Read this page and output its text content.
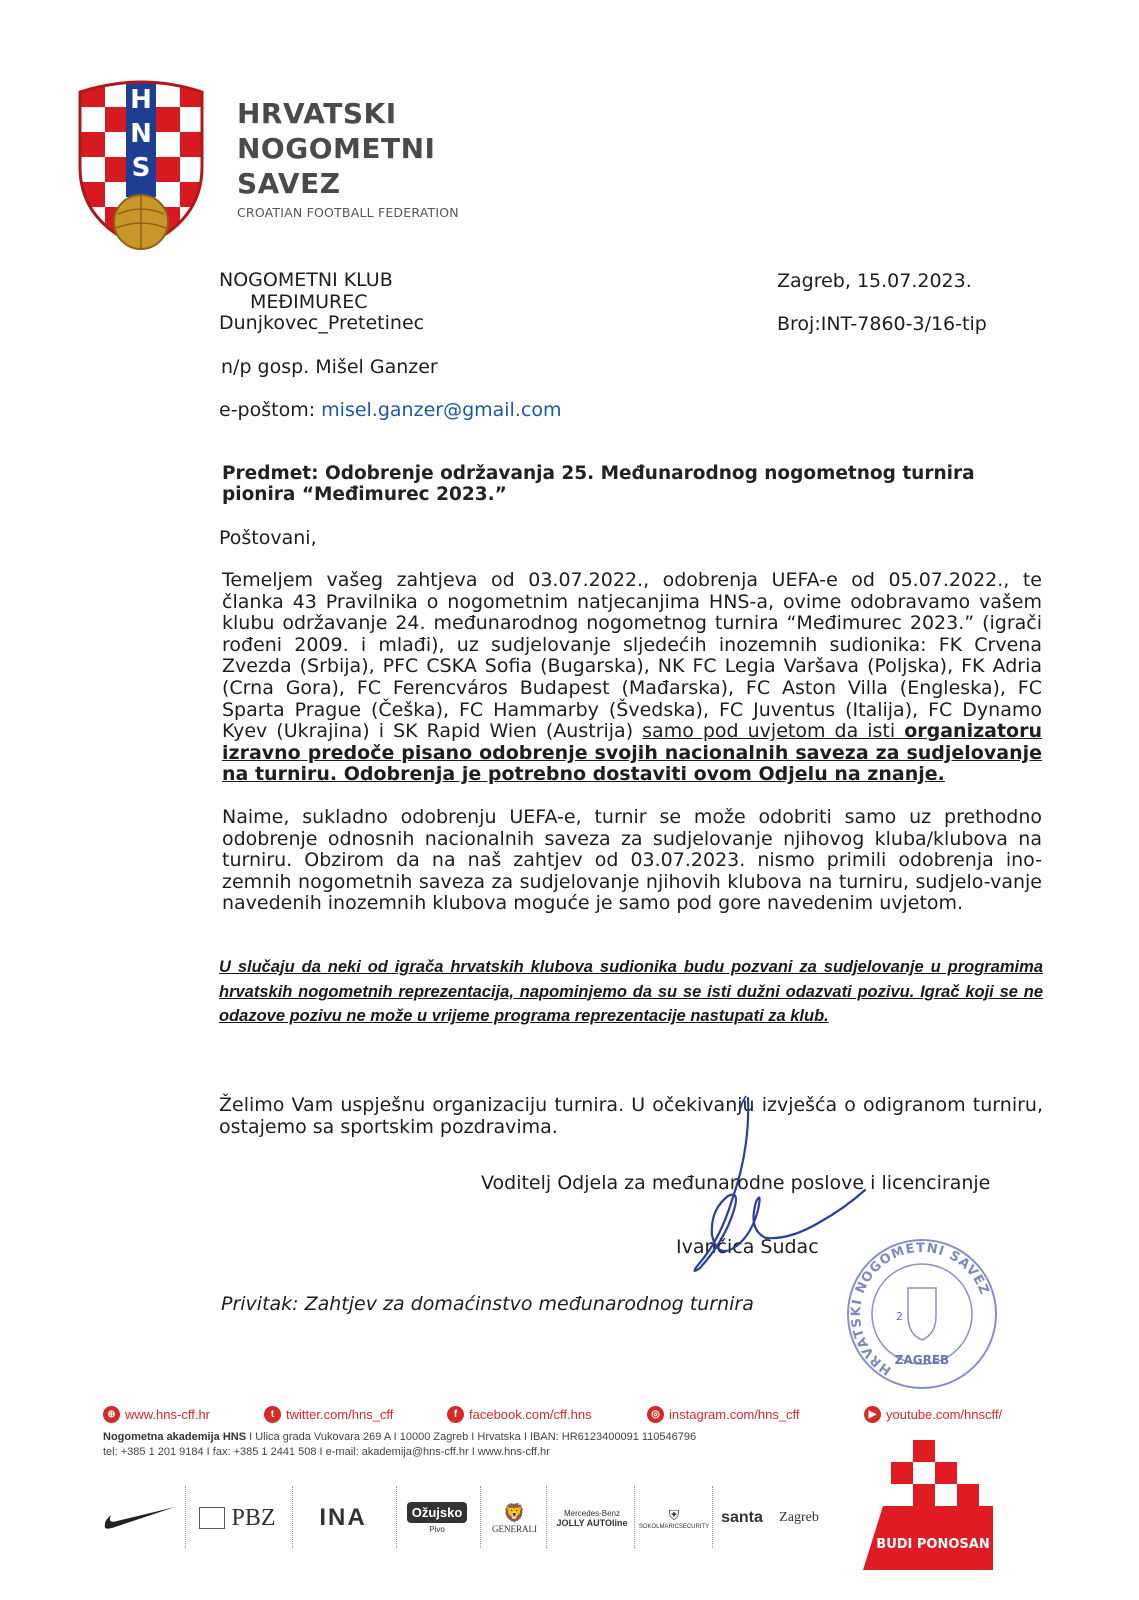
H
N
S
HRVATSKI
NOGOMETNI
SAVEZ
CROATIAN FOOTBALL FEDERATION
NOGOMETNI KLUB
MEĐIMUREC
Dunjkovec_Pretetinec
Zagreb, 15.07.2023.
Broj:INT-7860-3/16-tip
n/p gosp. Mišel Ganzer
e-poštom: misel.ganzer@gmail.com
Predmet: Odobrenje održavanja 25. Međunarodnog nogometnog turnira pionira “Međimurec 2023.”
Poštovani,
Temeljem vašeg zahtjeva od 03.07.2022., odobrenja UEFA-e od 05.07.2022., te članka 43 Pravilnika o nogometnim natjecanjima HNS-a, ovime odobravamo vašem klubu održavanje 24. međunarodnog nogometnog turnira “Međimurec 2023.” (igrači rođeni 2009. i mlađi), uz sudjelovanje sljedećih inozemnih sudionika: FK Crvena Zvezda (Srbija), PFC CSKA Sofia (Bugarska), NK FC Legia Varšava (Poljska), FK Adria (Crna Gora), FC Ferencváros Budapest (Mađarska), FC Aston Villa (Engleska), FC Sparta Prague (Češka), FC Hammarby (Švedska), FC Juventus (Italija), FC Dynamo Kyev (Ukrajina) i SK Rapid Wien (Austrija) samo pod uvjetom da isti organizatoru izravno predoče pisano odobrenje svojih nacionalnih saveza za sudjelovanje na turniru. Odobrenja je potrebno dostaviti ovom Odjelu na znanje.
Naime, sukladno odobrenju UEFA-e, turnir se može odobriti samo uz prethodno odobrenje odnosnih nacionalnih saveza za sudjelovanje njihovog kluba/klubova na turniru. Obzirom da na naš zahtjev od 03.07.2023. nismo primili odobrenja ino-zemnih nogometnih saveza za sudjelovanje njihovih klubova na turniru, sudjelo-vanje navedenih inozemnih klubova moguće je samo pod gore navedenim uvjetom.
U slučaju da neki od igrača hrvatskih klubova sudionika budu pozvani za sudjelovanje u programima hrvatskih nogometnih reprezentacija, napominjemo da su se isti dužni odazvati pozivu. Igrač koji se ne odazove pozivu ne može u vrijeme programa reprezentacije nastupati za klub.
Želimo Vam uspješnu organizaciju turnira. U očekivanju izvješća o odigranom turniru, ostajemo sa sportskim pozdravima.
Voditelj Odjela za međunarodne poslove i licenciranje
Ivančica Sudac
Privitak: Zahtjev za domaćinstvo međunarodnog turnira
HRVATSKI NOGOMETNI SAVEZ
2
ZAGREB
⊕ www.hns-cff.hr	t twitter.com/hns_cff	f facebook.com/cff.hns	◎ instagram.com/hns_cff	▶ youtube.com/hnscff/
Nogometna akademija HNS I Ulica grada Vukovara 269 A I 10000 Zagreb I Hrvatska I IBAN: HR6123400091 110546796
tel: +385 1 201 9184 I fax: +385 1 2441 508 I e-mail: akademija@hns-cff.hr I www.hns-cff.hr
PBZ	INA	Ožujsko
Pivo
🦁
GENERALI
Mercedes-Benz
JOLLY AUTOline	⛨
SOKOLMARICSECURITY
santa Zagreb
BUDI PONOSAN
